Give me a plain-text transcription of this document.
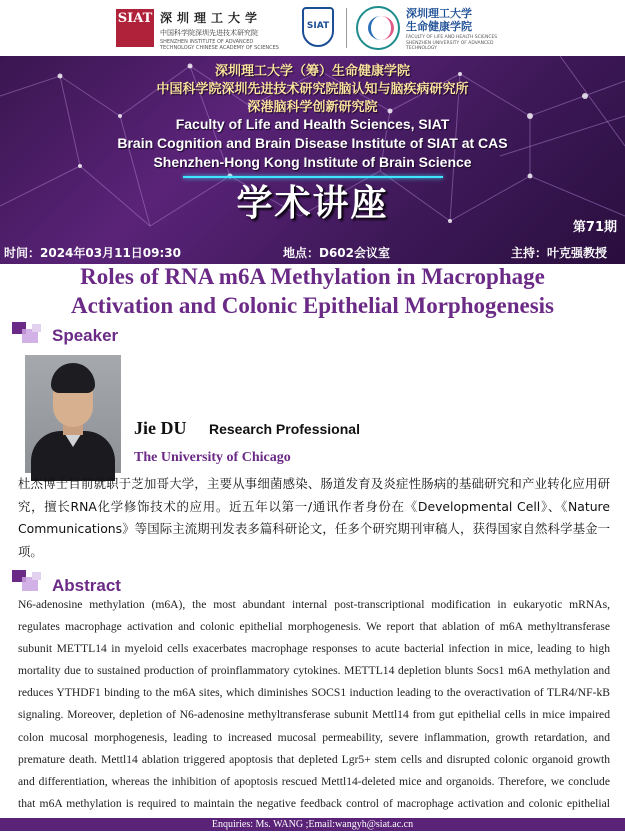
SIAT 深圳理工大学
中国科学院深圳先进技术研究院
SHENZHEN INSTITUTE OF ADVANCED TECHNOLOGY CHINESE ACADEMY OF SCIENCES
SIAT
深圳理工大学
生命健康学院
FACULTY OF LIFE AND HEALTH SCIENCES SHENZHEN UNIVERSITY OF ADVANCED TECHNOLOGY
深圳理工大学（筹）生命健康学院
中国科学院深圳先进技术研究院脑认知与脑疾病研究所
深港脑科学创新研究院
Faculty of Life and Health Sciences, SIAT
Brain Cognition and Brain Disease Institute of SIAT at CAS
Shenzhen-Hong Kong Institute of Brain Science
学术讲座
第71期
时间：2024年03月11日09:30	地点：D602会议室	主持：叶克强教授
Roles of RNA m6A Methylation in Macrophage
Activation and Colonic Epithelial Morphogenesis
Speaker
Jie DU Research Professional
The University of Chicago
杜杰博士目前就职于芝加哥大学，主要从事细菌感染、肠道发育及炎症性肠病的基础研究和产业转化应用研究，擅长RNA化学修饰技术的应用。近五年以第一/通讯作者身份在《Developmental Cell》、《Nature Communications》等国际主流期刊发表多篇科研论文，任多个研究期刊审稿人，获得国家自然科学基金一项。
Abstract
N6-adenosine methylation (m6A), the most abundant internal post-transcriptional modification in eukaryotic mRNAs, regulates macrophage activation and colonic epithelial morphogenesis. We report that ablation of m6A methyltransferase subunit METTL14 in myeloid cells exacerbates macrophage responses to acute bacterial infection in mice, leading to high mortality due to sustained production of proinflammatory cytokines. METTL14 depletion blunts Socs1 m6A methylation and reduces YTHDF1 binding to the m6A sites, which diminishes SOCS1 induction leading to the overactivation of TLR4/NF-kB signaling. Moreover, depletion of N6-adenosine methyltransferase subunit Mettl14 from gut epithelial cells in mice impaired colon mucosal morphogenesis, leading to increased mucosal permeability, severe inflammation, growth retardation, and premature death. Mettl14 ablation triggered apoptosis that depleted Lgr5+ stem cells and disrupted colonic organoid growth and differentiation, whereas the inhibition of apoptosis rescued Mettl14-deleted mice and organoids. Therefore, we conclude that m6A methylation is required to maintain the negative feedback control of macrophage activation and colonic epithelial
Enquiries: Ms. WANG ;Email:wangyh@siat.ac.cn
